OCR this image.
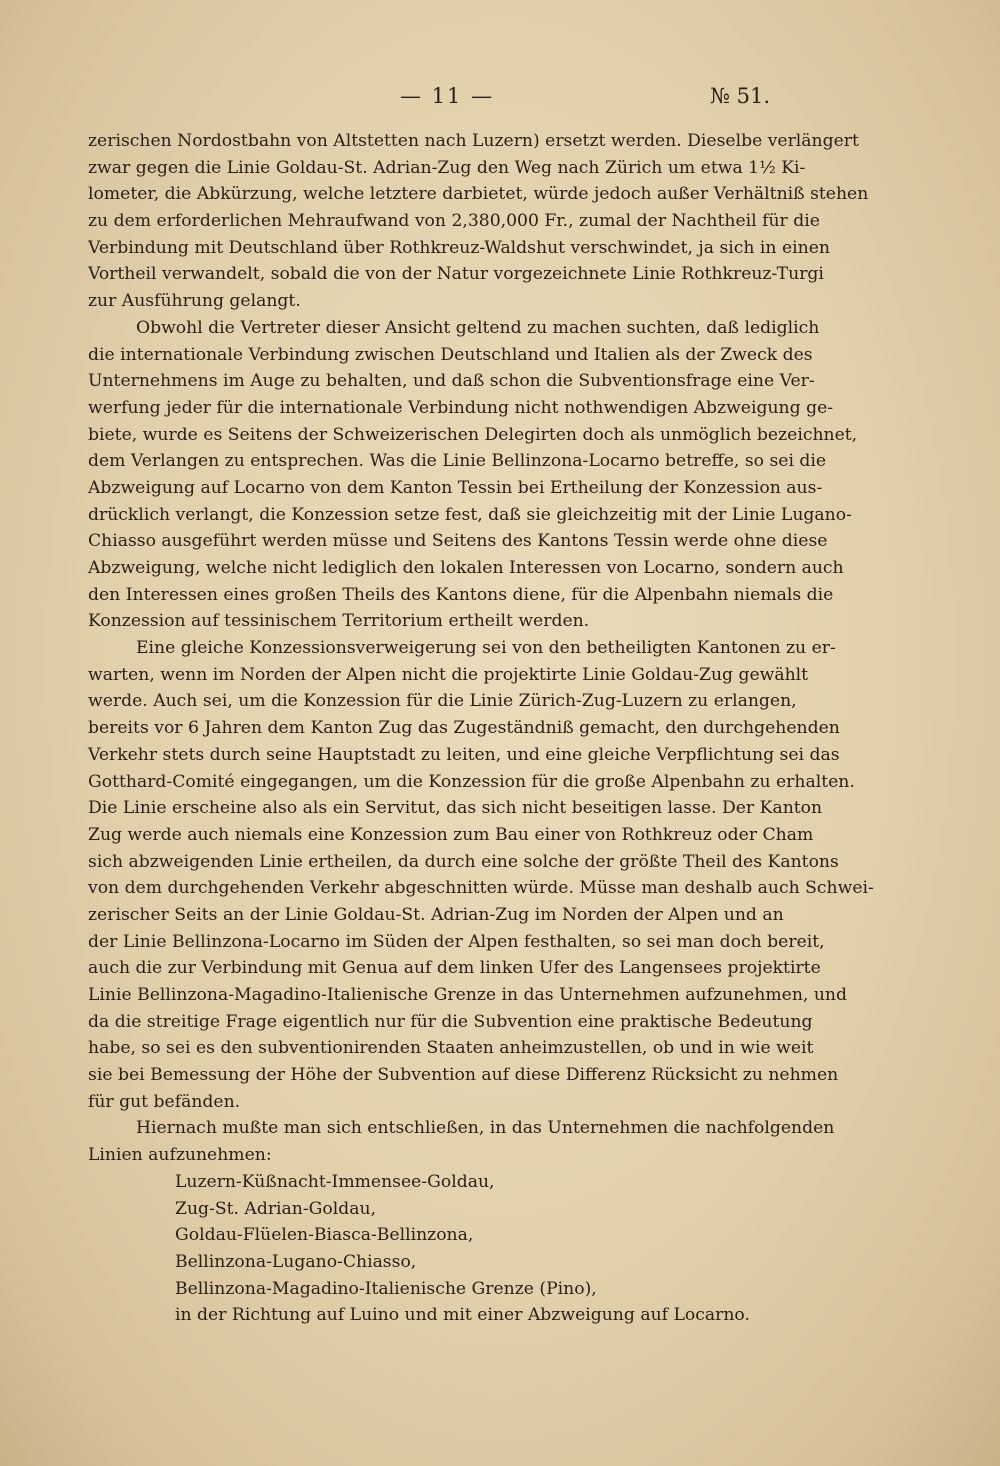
— 11 —	№ 51.
zerischen Nordostbahn von Altstetten nach Luzern) ersetzt werden. Dieselbe verlängert
zwar gegen die Linie Goldau-St. Adrian-Zug den Weg nach Zürich um etwa 1½ Ki-
lometer, die Abkürzung, welche letztere darbietet, würde jedoch außer Verhältniß stehen
zu dem erforderlichen Mehraufwand von 2,380,000 Fr., zumal der Nachtheil für die
Verbindung mit Deutschland über Rothkreuz-Waldshut verschwindet, ja sich in einen
Vortheil verwandelt, sobald die von der Natur vorgezeichnete Linie Rothkreuz-Turgi
zur Ausführung gelangt.
Obwohl die Vertreter dieser Ansicht geltend zu machen suchten, daß lediglich
die internationale Verbindung zwischen Deutschland und Italien als der Zweck des
Unternehmens im Auge zu behalten, und daß schon die Subventionsfrage eine Ver-
werfung jeder für die internationale Verbindung nicht nothwendigen Abzweigung ge-
biete, wurde es Seitens der Schweizerischen Delegirten doch als unmöglich bezeichnet,
dem Verlangen zu entsprechen. Was die Linie Bellinzona-Locarno betreffe, so sei die
Abzweigung auf Locarno von dem Kanton Tessin bei Ertheilung der Konzession aus-
drücklich verlangt, die Konzession setze fest, daß sie gleichzeitig mit der Linie Lugano-
Chiasso ausgeführt werden müsse und Seitens des Kantons Tessin werde ohne diese
Abzweigung, welche nicht lediglich den lokalen Interessen von Locarno, sondern auch
den Interessen eines großen Theils des Kantons diene, für die Alpenbahn niemals die
Konzession auf tessinischem Territorium ertheilt werden.
Eine gleiche Konzessionsverweigerung sei von den betheiligten Kantonen zu er-
warten, wenn im Norden der Alpen nicht die projektirte Linie Goldau-Zug gewählt
werde. Auch sei, um die Konzession für die Linie Zürich-Zug-Luzern zu erlangen,
bereits vor 6 Jahren dem Kanton Zug das Zugeständniß gemacht, den durchgehenden
Verkehr stets durch seine Hauptstadt zu leiten, und eine gleiche Verpflichtung sei das
Gotthard-Comité eingegangen, um die Konzession für die große Alpenbahn zu erhalten.
Die Linie erscheine also als ein Servitut, das sich nicht beseitigen lasse. Der Kanton
Zug werde auch niemals eine Konzession zum Bau einer von Rothkreuz oder Cham
sich abzweigenden Linie ertheilen, da durch eine solche der größte Theil des Kantons
von dem durchgehenden Verkehr abgeschnitten würde. Müsse man deshalb auch Schwei-
zerischer Seits an der Linie Goldau-St. Adrian-Zug im Norden der Alpen und an
der Linie Bellinzona-Locarno im Süden der Alpen festhalten, so sei man doch bereit,
auch die zur Verbindung mit Genua auf dem linken Ufer des Langensees projektirte
Linie Bellinzona-Magadino-Italienische Grenze in das Unternehmen aufzunehmen, und
da die streitige Frage eigentlich nur für die Subvention eine praktische Bedeutung
habe, so sei es den subventionirenden Staaten anheimzustellen, ob und in wie weit
sie bei Bemessung der Höhe der Subvention auf diese Differenz Rücksicht zu nehmen
für gut befänden.
Hiernach mußte man sich entschließen, in das Unternehmen die nachfolgenden
Linien aufzunehmen:
Luzern-Küßnacht-Immensee-Goldau,
Zug-St. Adrian-Goldau,
Goldau-Flüelen-Biasca-Bellinzona,
Bellinzona-Lugano-Chiasso,
Bellinzona-Magadino-Italienische Grenze (Pino),
in der Richtung auf Luino und mit einer Abzweigung auf Locarno.
